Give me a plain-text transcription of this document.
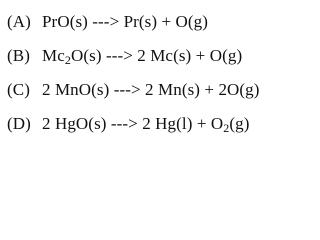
(A) PrO(s) ---> Pr(s) + O(g)
(B) $Mc_2O(s)$ ---> 2 Mc(s) + O(g)
(C) 2 MnO(s) ---> 2 Mn(s) + 2O(g)
(D) 2 HgO(s) ---> 2 $Hg(l) + O_2(g)$
